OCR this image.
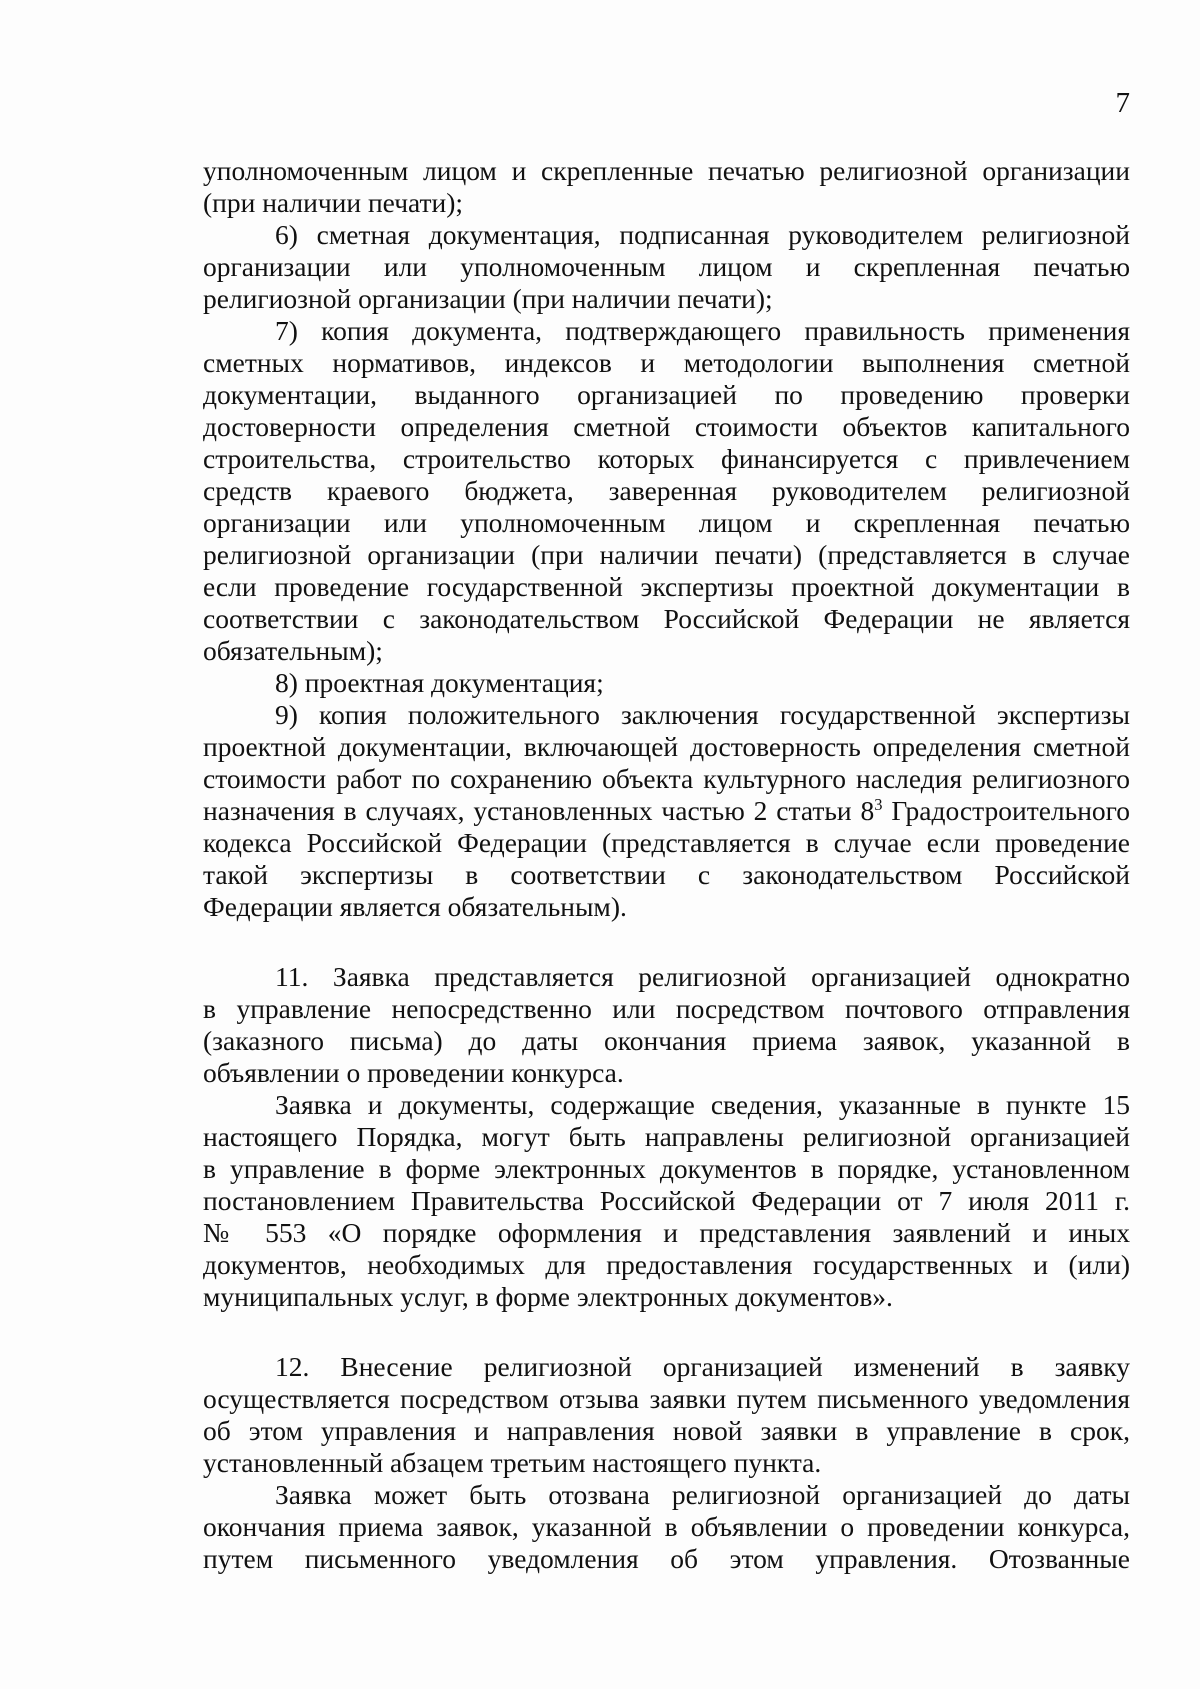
7
уполномоченным лицом и скрепленные печатью религиозной организации
(при наличии печати);
6) сметная документация, подписанная руководителем религиозной
организации или уполномоченным лицом и скрепленная печатью
религиозной организации (при наличии печати);
7) копия документа, подтверждающего правильность применения
сметных нормативов, индексов и методологии выполнения сметной
документации, выданного организацией по проведению проверки
достоверности определения сметной стоимости объектов капитального
строительства, строительство которых финансируется с привлечением
средств краевого бюджета, заверенная руководителем религиозной
организации или уполномоченным лицом и скрепленная печатью
религиозной организации (при наличии печати) (представляется в случае
если проведение государственной экспертизы проектной документации в
соответствии с законодательством Российской Федерации не является
обязательным);
8) проектная документация;
9) копия положительного заключения государственной экспертизы
проектной документации, включающей достоверность определения сметной
стоимости работ по сохранению объекта культурного наследия религиозного
назначения в случаях, установленных частью 2 статьи $8^3$ Градостроительного
кодекса Российской Федерации (представляется в случае если проведение
такой экспертизы в соответствии с законодательством Российской
Федерации является обязательным).
11. Заявка представляется религиозной организацией однократно
в управление непосредственно или посредством почтового отправления
(заказного письма) до даты окончания приема заявок, указанной в
объявлении о проведении конкурса.
Заявка и документы, содержащие сведения, указанные в пункте 15
настоящего Порядка, могут быть направлены религиозной организацией
в управление в форме электронных документов в порядке, установленном
постановлением Правительства Российской Федерации от 7 июля 2011 г.
№ 553 «О порядке оформления и представления заявлений и иных
документов, необходимых для предоставления государственных и (или)
муниципальных услуг, в форме электронных документов».
12. Внесение религиозной организацией изменений в заявку
осуществляется посредством отзыва заявки путем письменного уведомления
об этом управления и направления новой заявки в управление в срок,
установленный абзацем третьим настоящего пункта.
Заявка может быть отозвана религиозной организацией до даты
окончания приема заявок, указанной в объявлении о проведении конкурса,
путем письменного уведомления об этом управления. Отозванные
